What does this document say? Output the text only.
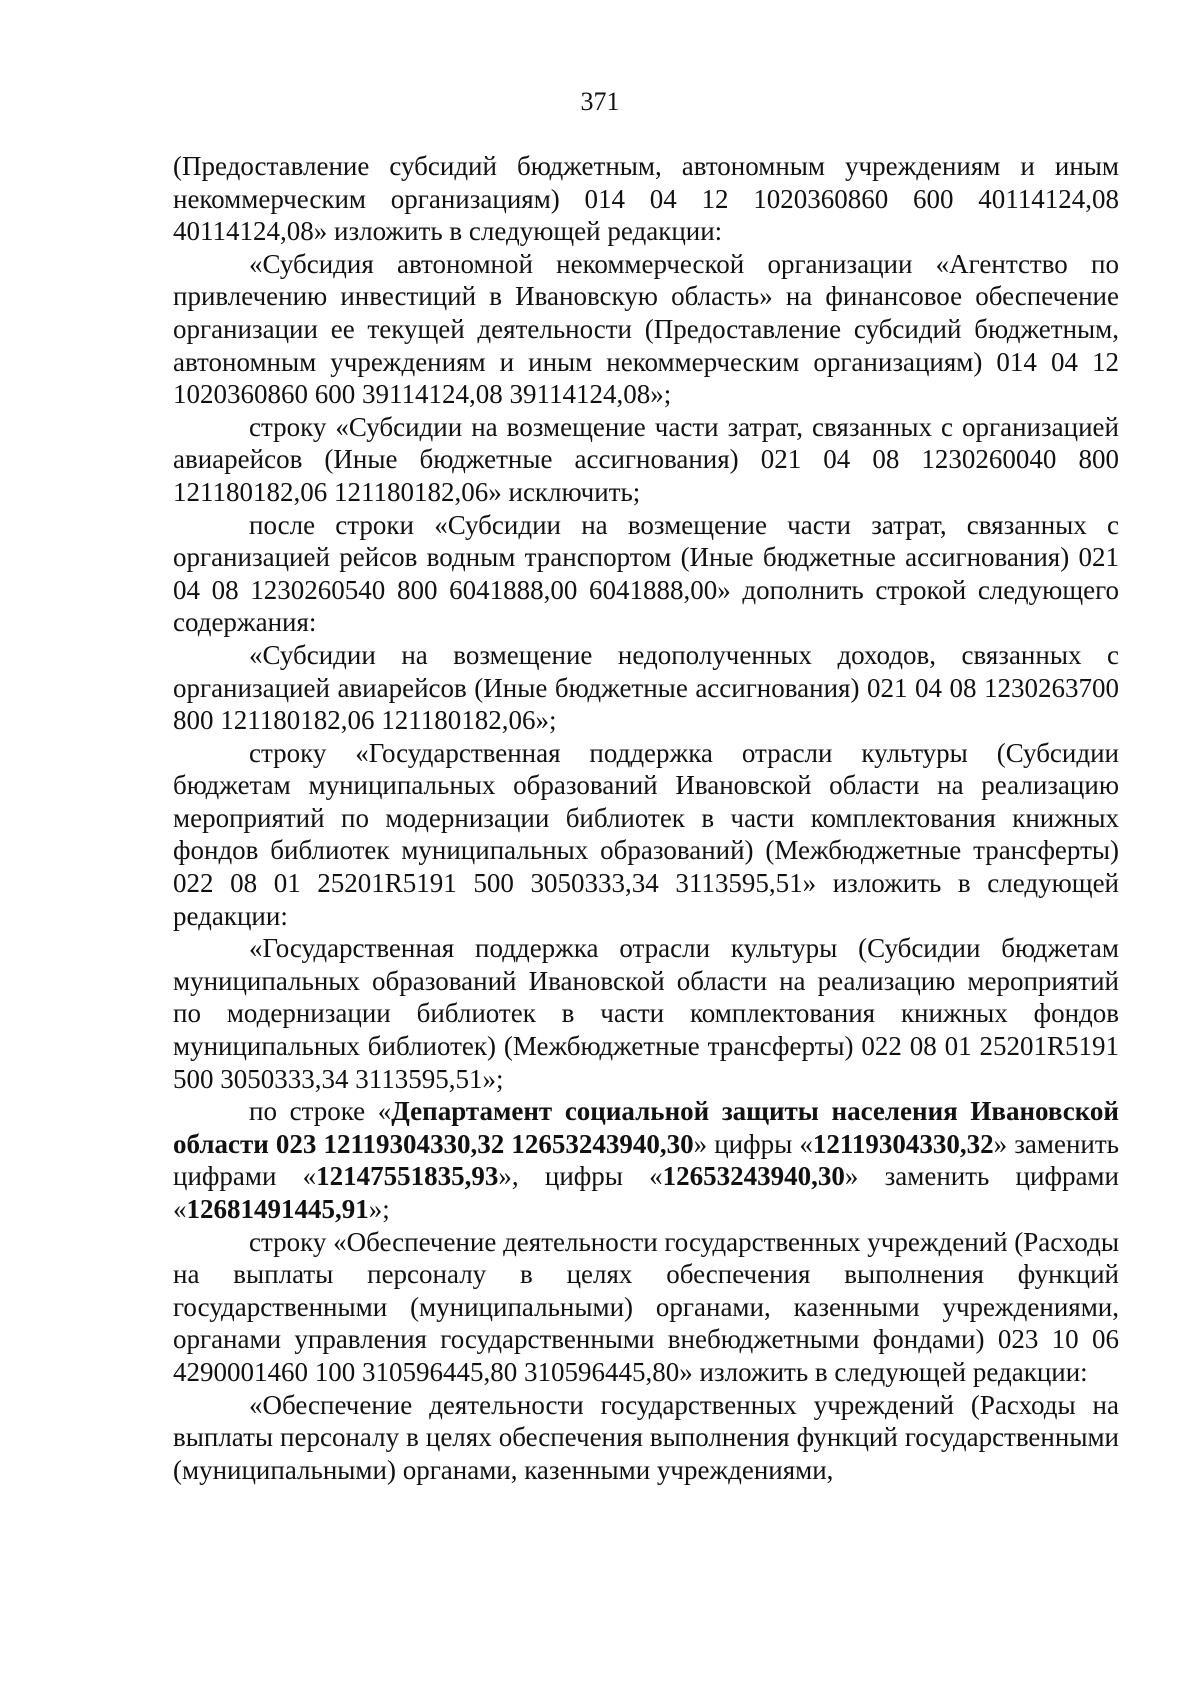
371

(Предоставление субсидий бюджетным, автономным учреждениям и иным некоммерческим организациям) 014 04 12 1020360860 600 40114124,08 40114124,08» изложить в следующей редакции:

«Субсидия автономной некоммерческой организации «Агентство по привлечению инвестиций в Ивановскую область» на финансовое обеспечение организации ее текущей деятельности (Предоставление субсидий бюджетным, автономным учреждениям и иным некоммерческим организациям) 014 04 12 1020360860 600 39114124,08 39114124,08»;

строку «Субсидии на возмещение части затрат, связанных с организацией авиарейсов (Иные бюджетные ассигнования) 021 04 08 1230260040 800 121180182,06 121180182,06» исключить;

после строки «Субсидии на возмещение части затрат, связанных с организацией рейсов водным транспортом (Иные бюджетные ассигнования) 021 04 08 1230260540 800 6041888,00 6041888,00» дополнить строкой следующего содержания:

«Субсидии на возмещение недополученных доходов, связанных с организацией авиарейсов (Иные бюджетные ассигнования) 021 04 08 1230263700 800 121180182,06 121180182,06»;

строку «Государственная поддержка отрасли культуры (Субсидии бюджетам муниципальных образований Ивановской области на реализацию мероприятий по модернизации библиотек в части комплектования книжных фондов библиотек муниципальных образований) (Межбюджетные трансферты) 022 08 01 25201R5191 500 3050333,34 3113595,51» изложить в следующей редакции:

«Государственная поддержка отрасли культуры (Субсидии бюджетам муниципальных образований Ивановской области на реализацию мероприятий по модернизации библиотек в части комплектования книжных фондов муниципальных библиотек) (Межбюджетные трансферты) 022 08 01 25201R5191 500 3050333,34 3113595,51»;

по строке «Департамент социальной защиты населения Ивановской области 023 12119304330,32 12653243940,30» цифры «12119304330,32» заменить цифрами «12147551835,93», цифры «12653243940,30» заменить цифрами «12681491445,91»;

строку «Обеспечение деятельности государственных учреждений (Расходы на выплаты персоналу в целях обеспечения выполнения функций государственными (муниципальными) органами, казенными учреждениями, органами управления государственными внебюджетными фондами) 023 10 06 4290001460 100 310596445,80 310596445,80» изложить в следующей редакции:

«Обеспечение деятельности государственных учреждений (Расходы на выплаты персоналу в целях обеспечения выполнения функций государственными (муниципальными) органами, казенными учреждениями,
